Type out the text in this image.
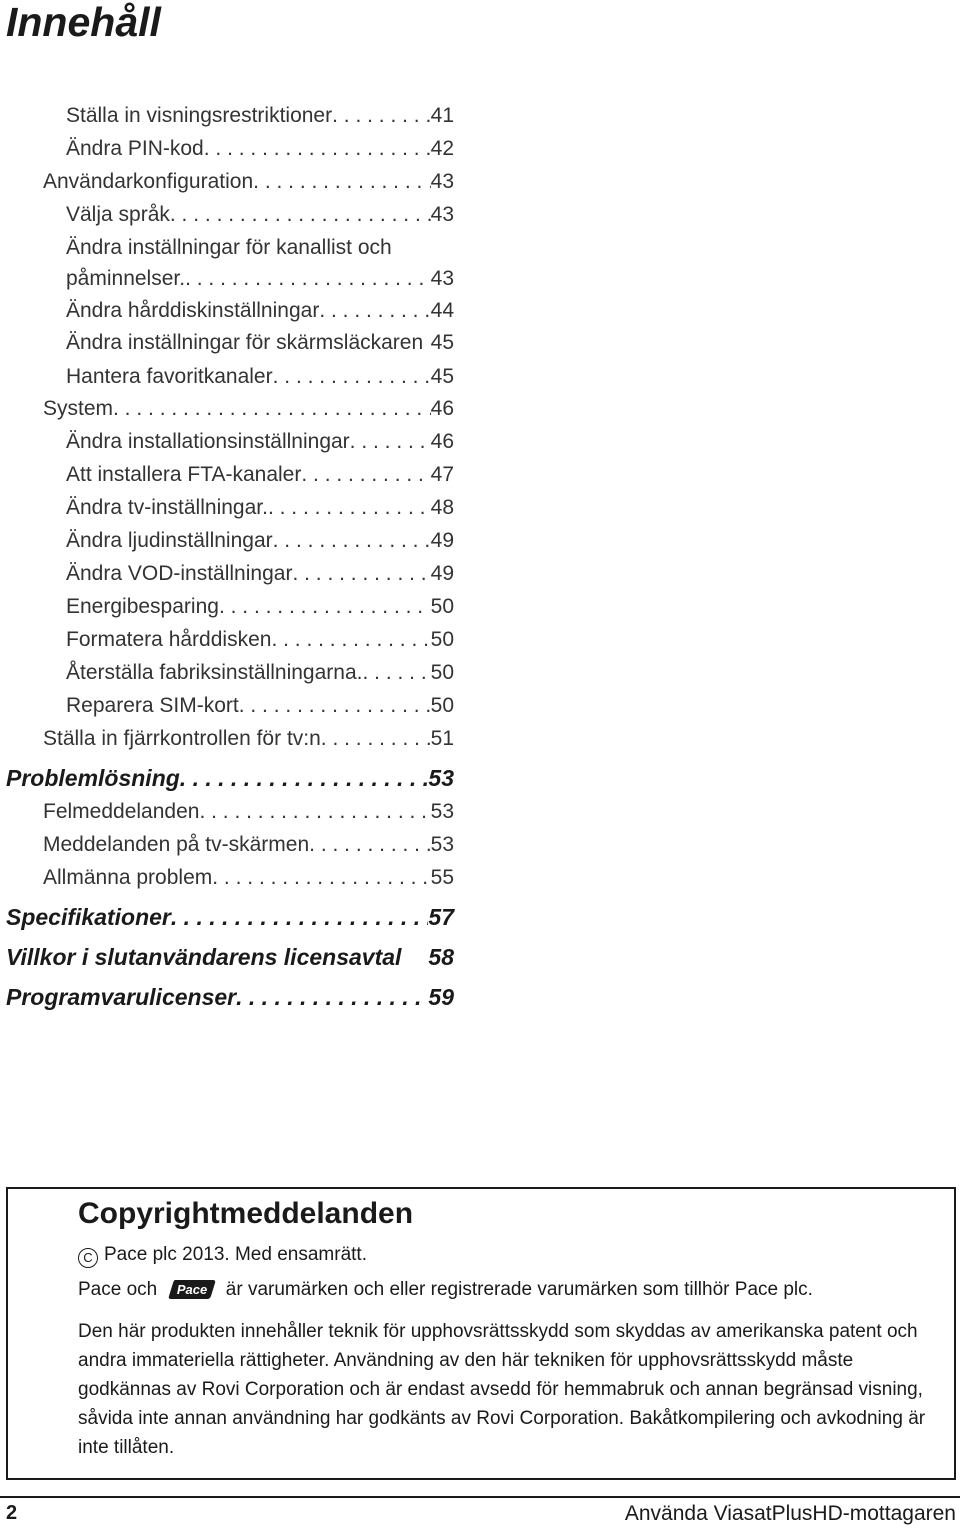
Innehåll
Ställa in visningsrestriktioner . . .	41
Ändra PIN-kod . . .	42
Användarkonfiguration . . .	43
Välja språk . . .	43
Ändra inställningar för kanallist och
påminnelser. . . .	43
Ändra hårddiskinställningar . . .	44
Ändra inställningar för skärmsläckaren 45
Hantera favoritkanaler . . .	45
System . . .	46
Ändra installationsinställningar . . .	46
Att installera FTA-kanaler . . .	47
Ändra tv-inställningar. . . .	48
Ändra ljudinställningar . . .	49
Ändra VOD-inställningar . . .	49
Energibesparing . . .	50
Formatera hårddisken . . .	50
Återställa fabriksinställningarna. . . .	50
Reparera SIM-kort . . .	50
Ställa in fjärrkontrollen för tv:n . . .	51
Problemlösning . . .	53
Felmeddelanden . . .	53
Meddelanden på tv-skärmen . . .	53
Allmänna problem . . .	55
Specifikationer . . .	57
Villkor i slutanvändarens licensavtal 58
Programvarulicenser . . .	59
Copyrightmeddelanden
C Pace plc 2013. Med ensamrätt.
Pace och Pace är varumärken och eller registrerade varumärken som tillhör Pace plc.
Den här produkten innehåller teknik för upphovsrättsskydd som skyddas av amerikanska patent och andra immateriella rättigheter. Användning av den här tekniken för upphovsrättsskydd måste godkännas av Rovi Corporation och är endast avsedd för hemmabruk och annan begränsad visning, såvida inte annan användning har godkänts av Rovi Corporation. Bakåtkompilering och avkodning är inte tillåten.
2	Använda ViasatPlusHD-mottagaren
